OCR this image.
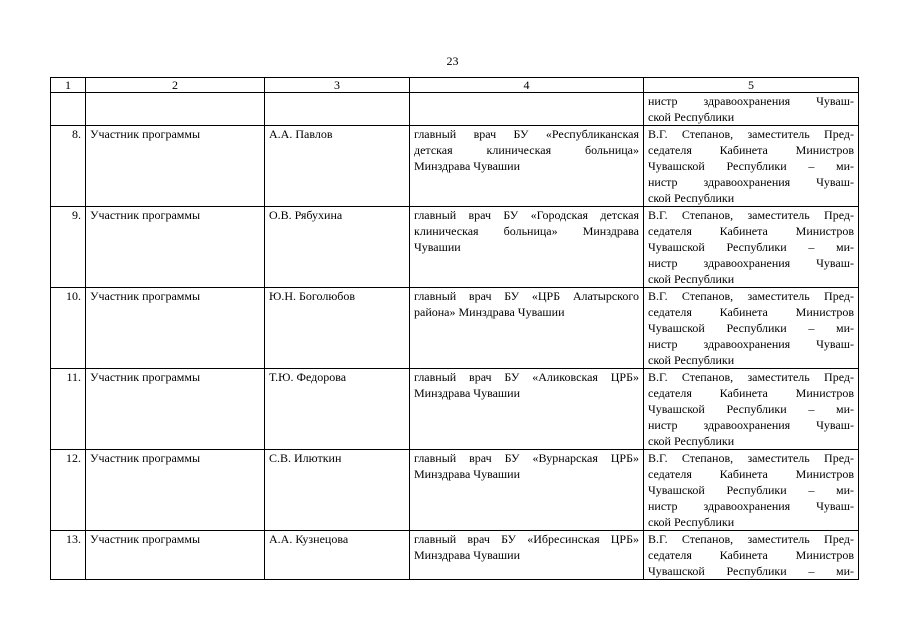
23
1	2	3	4	5

				нистр здравоохранения Чуваш-
ской Республики

8.	Участник программы	А.А. Павлов	главный врач БУ «Республиканская
детская клиническая больница»
Минздрава Чувашии	В.Г. Степанов, заместитель Пред-
седателя Кабинета Министров
Чувашской Республики – ми-
нистр здравоохранения Чуваш-
ской Республики

9.	Участник программы	О.В. Рябухина	главный врач БУ «Городская детская
клиническая больница» Минздрава
Чувашии	В.Г. Степанов, заместитель Пред-
седателя Кабинета Министров
Чувашской Республики – ми-
нистр здравоохранения Чуваш-
ской Республики

10.	Участник программы	Ю.Н. Боголюбов	главный врач БУ «ЦРБ Алатырского
района» Минздрава Чувашии	В.Г. Степанов, заместитель Пред-
седателя Кабинета Министров
Чувашской Республики – ми-
нистр здравоохранения Чуваш-
ской Республики

11.	Участник программы	Т.Ю. Федорова	главный врач БУ «Аликовская ЦРБ»
Минздрава Чувашии	В.Г. Степанов, заместитель Пред-
седателя Кабинета Министров
Чувашской Республики – ми-
нистр здравоохранения Чуваш-
ской Республики

12.	Участник программы	С.В. Илюткин	главный врач БУ «Вурнарская ЦРБ»
Минздрава Чувашии	В.Г. Степанов, заместитель Пред-
седателя Кабинета Министров
Чувашской Республики – ми-
нистр здравоохранения Чуваш-
ской Республики

13.	Участник программы	А.А. Кузнецова	главный врач БУ «Ибресинская ЦРБ»
Минздрава Чувашии	В.Г. Степанов, заместитель Пред-
седателя Кабинета Министров
Чувашской Республики – ми-
